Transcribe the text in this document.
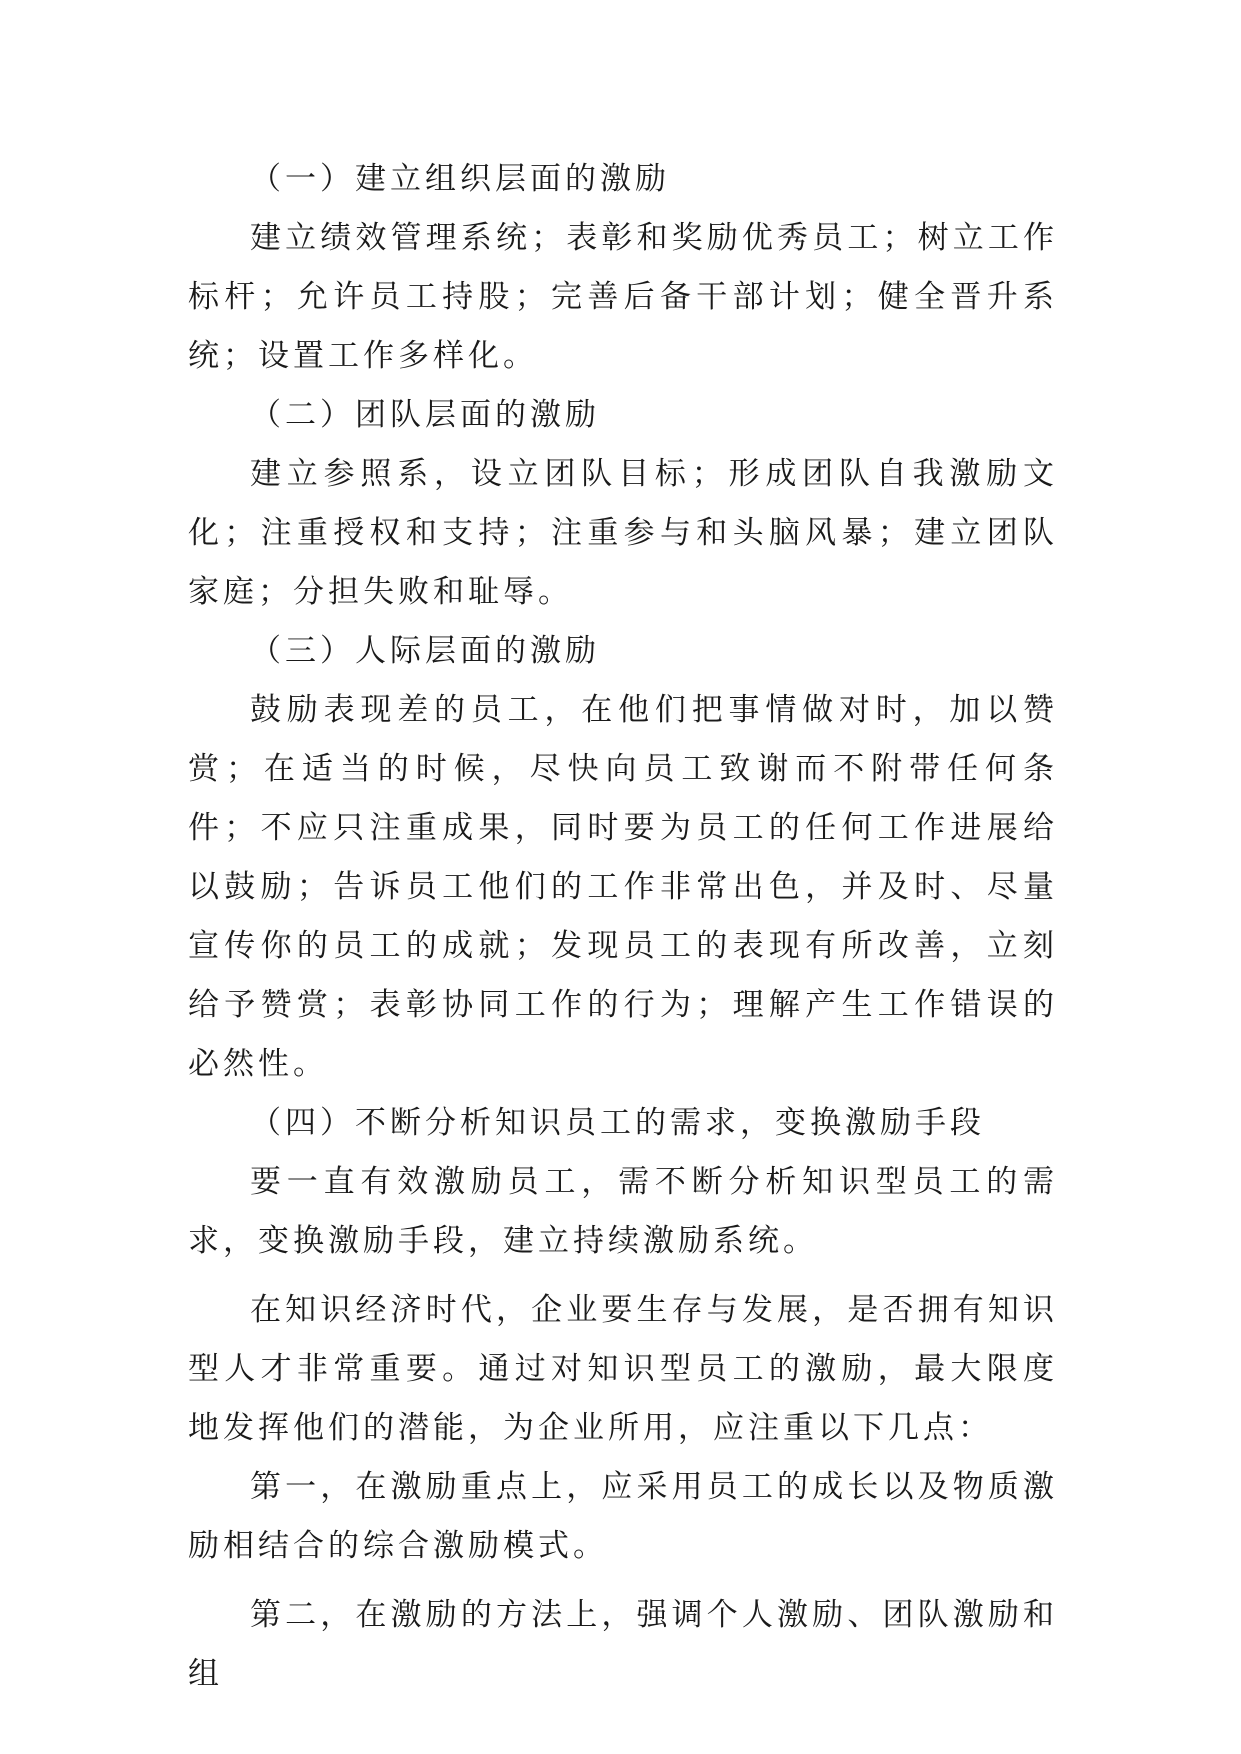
（一）建立组织层面的激励

建立绩效管理系统；表彰和奖励优秀员工；树立工作标杆；允许员工持股；完善后备干部计划；健全晋升系统；设置工作多样化。

（二）团队层面的激励

建立参照系，设立团队目标；形成团队自我激励文化；注重授权和支持；注重参与和头脑风暴；建立团队家庭；分担失败和耻辱。

（三）人际层面的激励

鼓励表现差的员工，在他们把事情做对时，加以赞赏；在适当的时候，尽快向员工致谢而不附带任何条件；不应只注重成果，同时要为员工的任何工作进展给以鼓励；告诉员工他们的工作非常出色，并及时、尽量宣传你的员工的成就；发现员工的表现有所改善，立刻给予赞赏；表彰协同工作的行为；理解产生工作错误的必然性。

（四）不断分析知识员工的需求，变换激励手段

要一直有效激励员工，需不断分析知识型员工的需求，变换激励手段，建立持续激励系统。

在知识经济时代，企业要生存与发展，是否拥有知识型人才非常重要。通过对知识型员工的激励，最大限度地发挥他们的潜能，为企业所用，应注重以下几点：

第一，在激励重点上，应采用员工的成长以及物质激励相结合的综合激励模式。

第二，在激励的方法上，强调个人激励、团队激励和组
